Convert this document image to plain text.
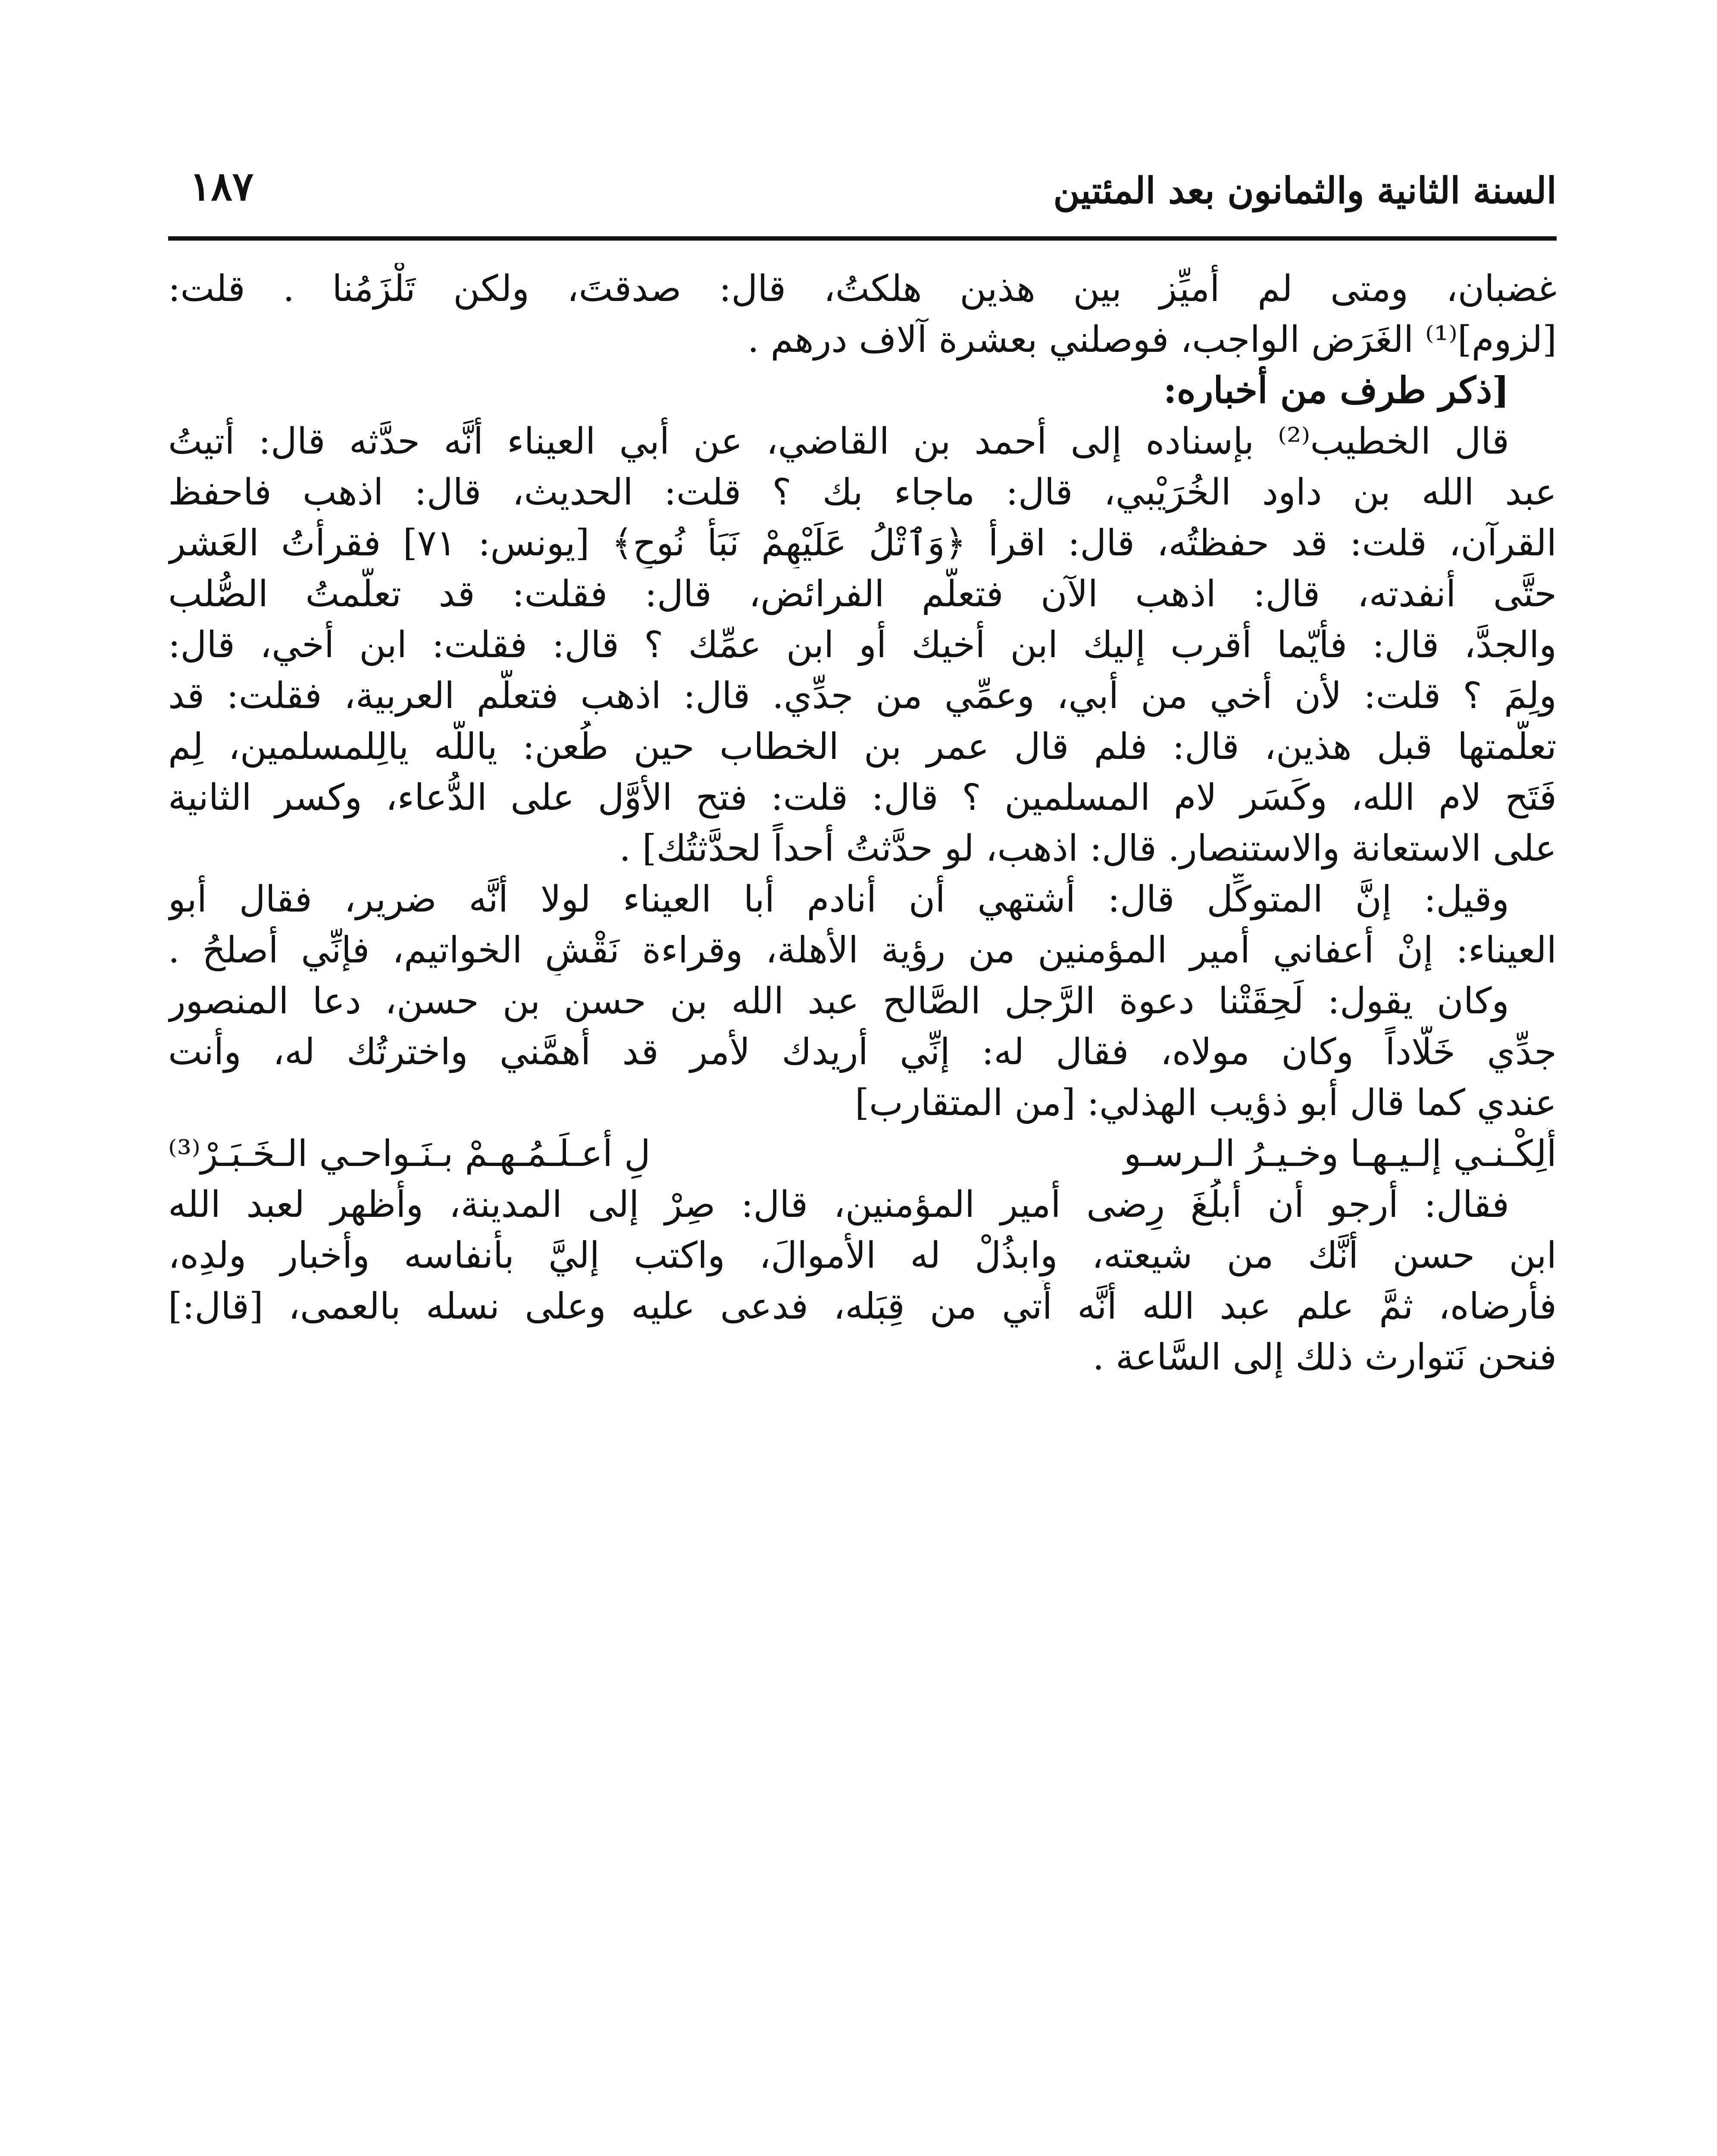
١٨٧	السنة الثانية والثمانون بعد المئتين
غضبان، ومتى لم أميِّز بين هذين هلكتُ، قال: صدقتَ، ولكن تَلْزَمُنا . قلت:
[لزوم]⁽¹⁾ الغَرَض الواجب، فوصلني بعشرة آلاف درهم .
[ذكر طرف من أخباره:
قال الخطيب⁽²⁾ بإسناده إلى أحمد بن القاضي، عن أبي العيناء أنَّه حدَّثه قال: أتيتُ
عبد الله بن داود الخُرَيْبي، قال: ماجاء بك ؟ قلت: الحديث، قال: اذهب فاحفظ
القرآن، قلت: قد حفظتُه، قال: اقرأ ﴿وَٱتْلُ عَلَيْهِمْ نَبَأَ نُوحٍ﴾ [يونس: ٧١] فقرأتُ العَشر
حتَّى أنفدته، قال: اذهب الآن فتعلّم الفرائض، قال: فقلت: قد تعلَّمتُ الصُّلب
والجدَّ، قال: فأيّما أقرب إليك ابن أخيك أو ابن عمِّك ؟ قال: فقلت: ابن أخي، قال:
ولِمَ ؟ قلت: لأن أخي من أبي، وعمِّي من جدِّي. قال: اذهب فتعلَّم العربية، فقلت: قد
تعلّمتها قبل هذين، قال: فلم قال عمر بن الخطاب حين طُعن: ياللَّه يالِلمسلمين، لِم
فَتَح لام الله، وكَسَر لام المسلمين ؟ قال: قلت: فتح الأوَّل على الدُّعاء، وكسر الثانية
على الاستعانة والاستنصار. قال: اذهب، لو حدَّثتُ أحداً لحدَّثتُك] .
وقيل: إنَّ المتوكِّل قال: أشتهي أن أنادم أبا العيناء لولا أنَّه ضرير، فقال أبو
العيناء: إنْ أعفاني أمير المؤمنين من رؤية الأهلة، وقراءة نَقْشِ الخواتيم، فإنِّي أصلحُ .
وكان يقول: لَحِقَتْنا دعوة الرَّجل الصَّالح عبد الله بن حسن بن حسن، دعا المنصور
جدِّي خَلّاداً وكان مولاه، فقال له: إنِّي أريدك لأمر قد أهمَّني واخترتُك له، وأنت
عندي كما قال أبو ذؤيب الهذلي: [من المتقارب]
أَلِكْـنـي إلـيـهـا وخـيـرُ الـرسـو
لِ أعـلَـمُـهـمْ بـنَـواحـي الـخَـبَـرْ⁽³⁾
فقال: أرجو أن أبلُغَ رِضى أمير المؤمنين، قال: صِرْ إلى المدينة، وأظهر لعبد الله
ابن حسن أنَّك من شيعته، وابذُلْ له الأموالَ، واكتب إليَّ بأنفاسه وأخبار ولدِه،
فأرضاه، ثمَّ علم عبد الله أنَّه أُتي من قِبَله، فدعى عليه وعلى نسله بالعمى، [قال:]
فنحن نَتوارث ذلك إلى السَّاعة .
